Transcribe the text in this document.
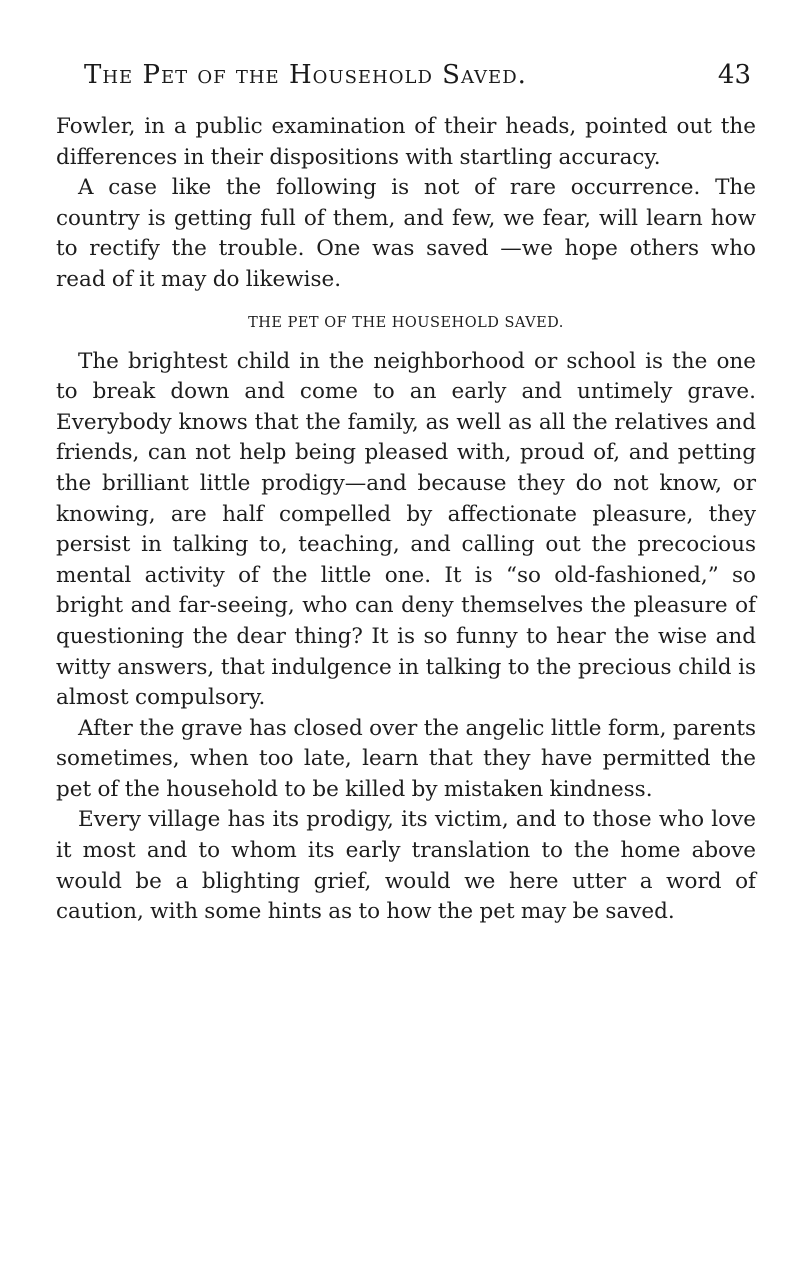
The Pet of the Household Saved.	43

Fowler, in a public examination of their heads, pointed out the differences in their dispositions with startling accuracy.

A case like the following is not of rare occurrence. The country is getting full of them, and few, we fear, will learn how to rectify the trouble. One was saved —we hope others who read of it may do likewise.

THE PET OF THE HOUSEHOLD SAVED.

The brightest child in the neighborhood or school is the one to break down and come to an early and untimely grave. Everybody knows that the family, as well as all the relatives and friends, can not help being pleased with, proud of, and petting the brilliant little prodigy—and because they do not know, or knowing, are half compelled by affectionate pleasure, they persist in talking to, teaching, and calling out the precocious mental activity of the little one. It is “so old-fashioned,” so bright and far-seeing, who can deny themselves the pleasure of questioning the dear thing? It is so funny to hear the wise and witty answers, that indulgence in talking to the precious child is almost compulsory.

After the grave has closed over the angelic little form, parents sometimes, when too late, learn that they have permitted the pet of the household to be killed by mistaken kindness.

Every village has its prodigy, its victim, and to those who love it most and to whom its early translation to the home above would be a blighting grief, would we here utter a word of caution, with some hints as to how the pet may be saved.
